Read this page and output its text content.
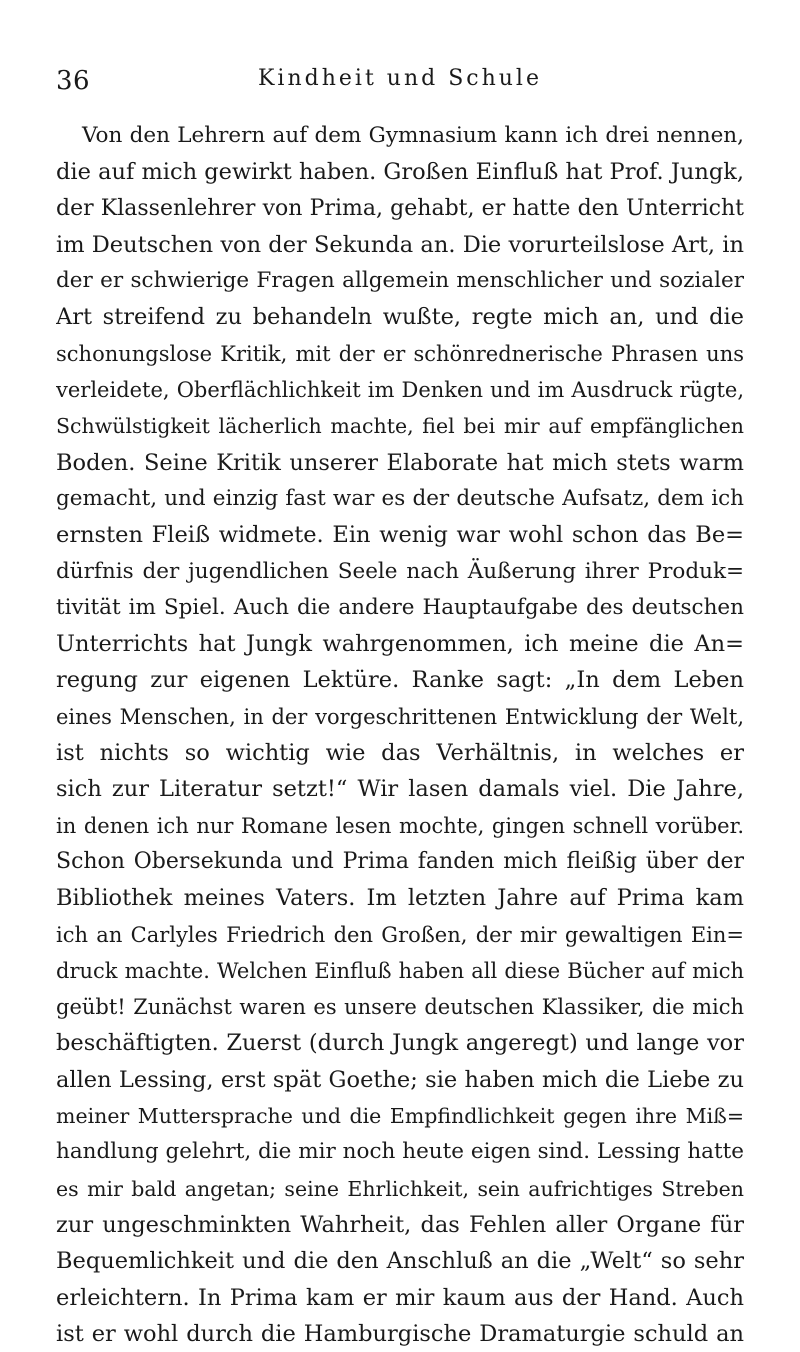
36	Kindheit und Schule
Von den Lehrern auf dem Gymnasium kann ich drei nennen,
die auf mich gewirkt haben. Großen Einfluß hat Prof. Jungk,
der Klassenlehrer von Prima, gehabt, er hatte den Unterricht
im Deutschen von der Sekunda an. Die vorurteilslose Art, in
der er schwierige Fragen allgemein menschlicher und sozialer
Art streifend zu behandeln wußte, regte mich an, und die
schonungslose Kritik, mit der er schönrednerische Phrasen uns
verleidete, Oberflächlichkeit im Denken und im Ausdruck rügte,
Schwülstigkeit lächerlich machte, fiel bei mir auf empfänglichen
Boden. Seine Kritik unserer Elaborate hat mich stets warm
gemacht, und einzig fast war es der deutsche Aufsatz, dem ich
ernsten Fleiß widmete. Ein wenig war wohl schon das Be=
dürfnis der jugendlichen Seele nach Äußerung ihrer Produk=
tivität im Spiel. Auch die andere Hauptaufgabe des deutschen
Unterrichts hat Jungk wahrgenommen, ich meine die An=
regung zur eigenen Lektüre. Ranke sagt: „In dem Leben
eines Menschen, in der vorgeschrittenen Entwicklung der Welt,
ist nichts so wichtig wie das Verhältnis, in welches er
sich zur Literatur setzt!“ Wir lasen damals viel. Die Jahre,
in denen ich nur Romane lesen mochte, gingen schnell vorüber.
Schon Obersekunda und Prima fanden mich fleißig über der
Bibliothek meines Vaters. Im letzten Jahre auf Prima kam
ich an Carlyles Friedrich den Großen, der mir gewaltigen Ein=
druck machte. Welchen Einfluß haben all diese Bücher auf mich
geübt! Zunächst waren es unsere deutschen Klassiker, die mich
beschäftigten. Zuerst (durch Jungk angeregt) und lange vor
allen Lessing, erst spät Goethe; sie haben mich die Liebe zu
meiner Muttersprache und die Empfindlichkeit gegen ihre Miß=
handlung gelehrt, die mir noch heute eigen sind. Lessing hatte
es mir bald angetan; seine Ehrlichkeit, sein aufrichtiges Streben
zur ungeschminkten Wahrheit, das Fehlen aller Organe für
Bequemlichkeit und die den Anschluß an die „Welt“ so sehr
erleichtern. In Prima kam er mir kaum aus der Hand. Auch
ist er wohl durch die Hamburgische Dramaturgie schuld an
